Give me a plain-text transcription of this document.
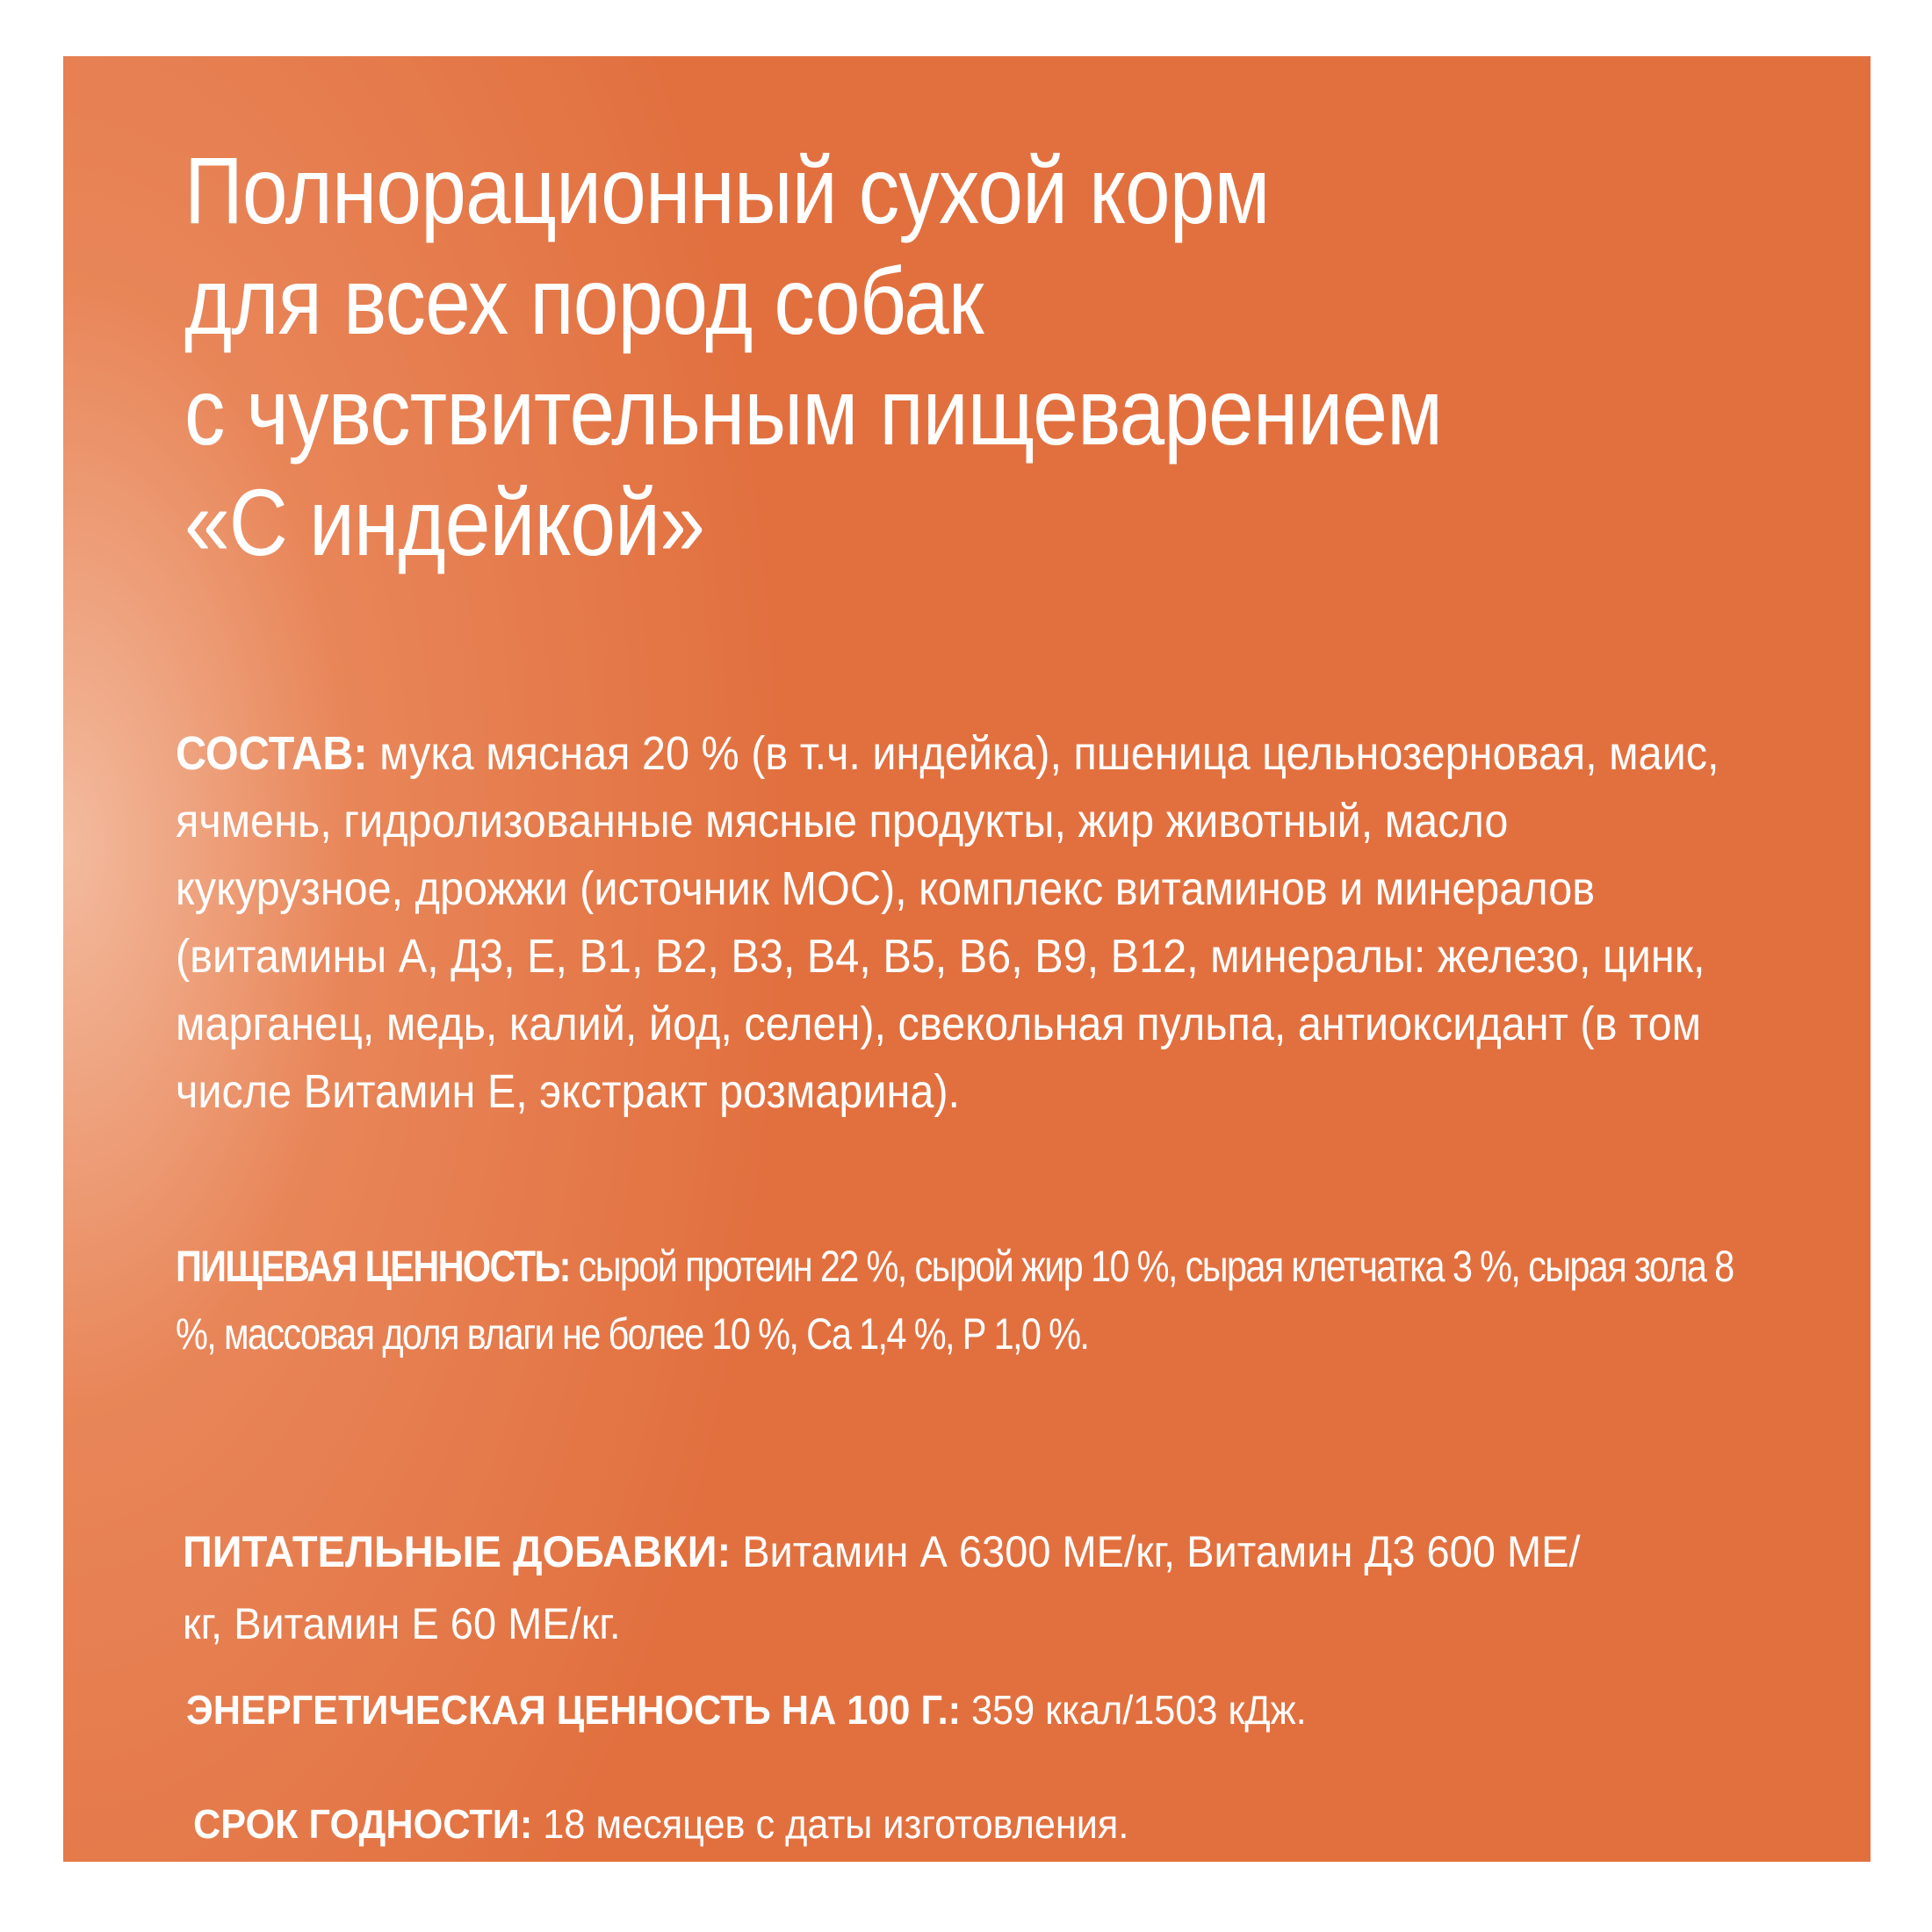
Полнорационный сухой корм
для всех пород собак
с чувствительным пищеварением
«С индейкой»

СОСТАВ: мука мясная 20 % (в т.ч. индейка), пшеница цельнозерновая, маис, ячмень, гидролизованные мясные продукты, жир животный, масло кукурузное, дрожжи (источник МОС), комплекс витаминов и минералов (витамины А, Д3, Е, В1, В2, В3, В4, В5, В6, В9, В12, минералы: железо, цинк, марганец, медь, калий, йод, селен), свекольная пульпа, антиоксидант (в том числе Витамин Е, экстракт розмарина).

ПИЩЕВАЯ ЦЕННОСТЬ: сырой протеин 22 %, сырой жир 10 %, сырая клетчатка 3 %, сырая зола 8 %, массовая доля влаги не более 10 %, Са 1,4 %, Р 1,0 %.

ПИТАТЕЛЬНЫЕ ДОБАВКИ: Витамин А 6300 МЕ/кг, Витамин Д3 600 МЕ/кг, Витамин Е 60 МЕ/кг.

ЭНЕРГЕТИЧЕСКАЯ ЦЕННОСТЬ НА 100 Г.: 359 ккал/1503 кДж.

СРОК ГОДНОСТИ: 18 месяцев с даты изготовления.
